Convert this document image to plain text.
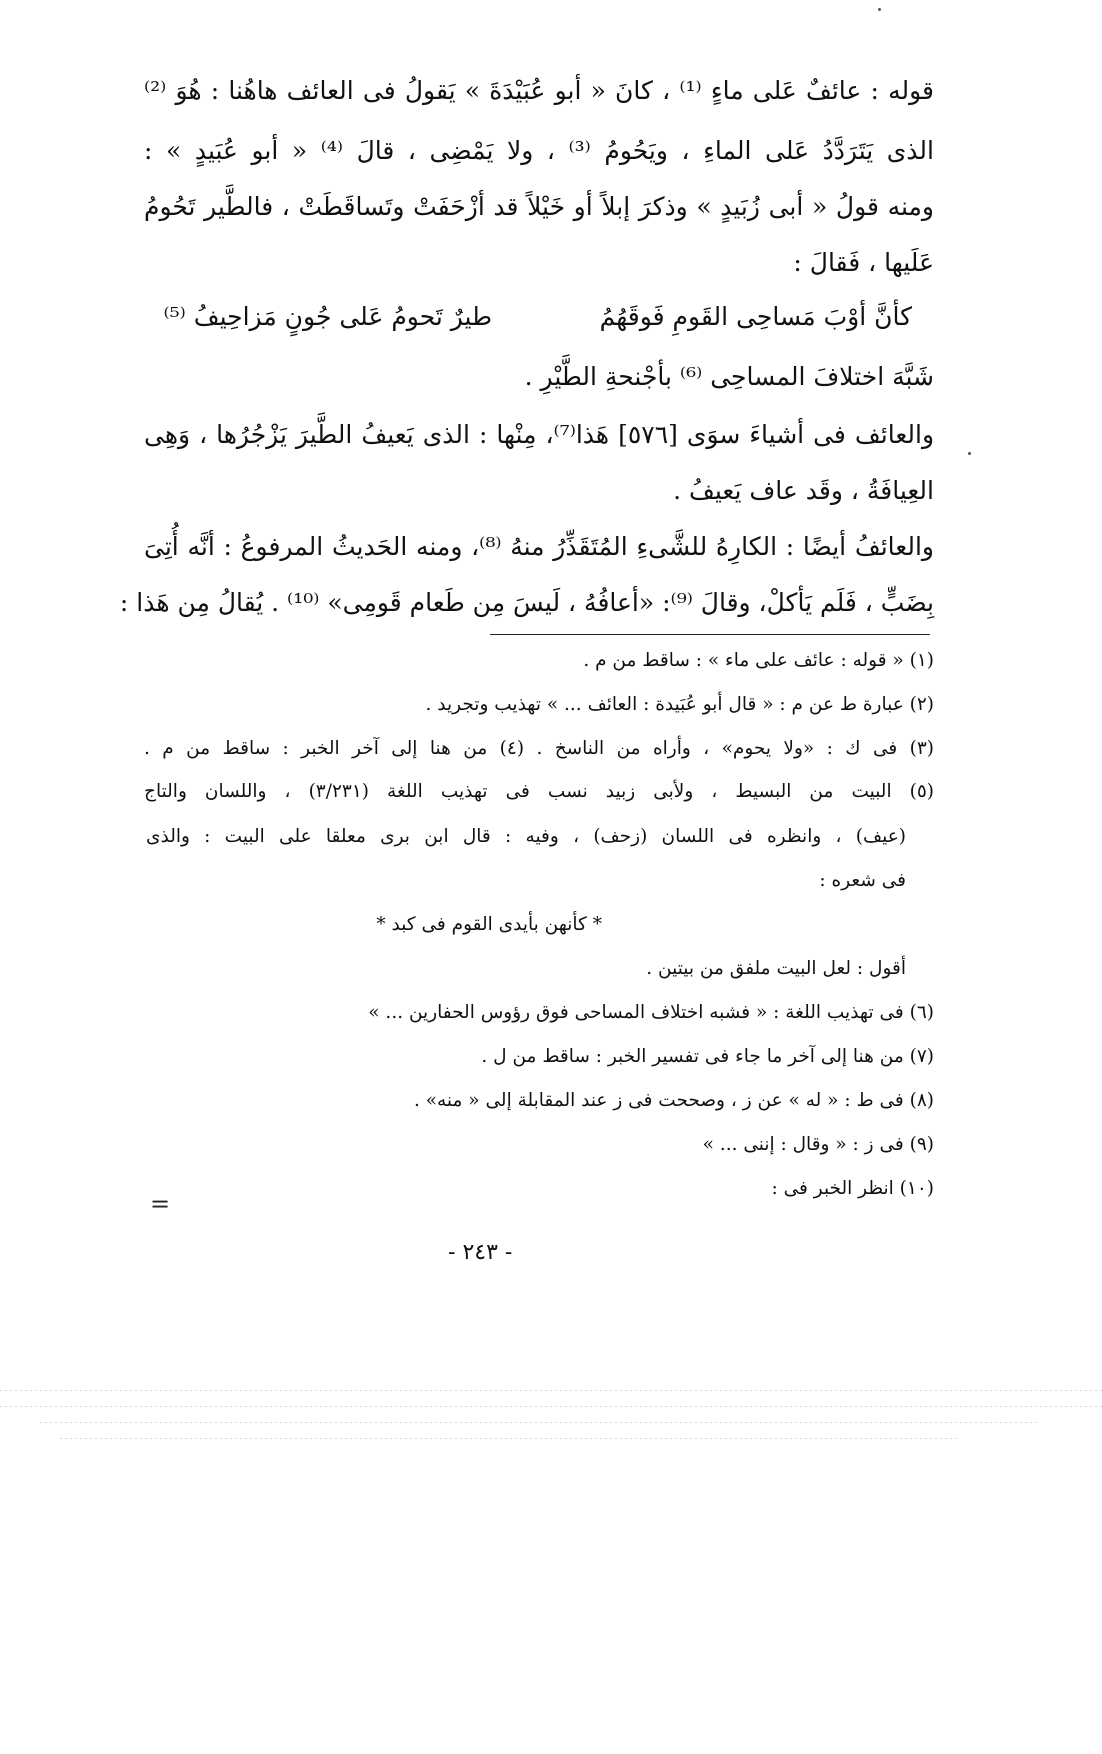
قوله : عائفٌ عَلى ماءٍ ⁽¹⁾ ، كانَ « أبو عُبَيْدَةَ » يَقولُ فى العائف هاهُنا : هُوَ ⁽²⁾
الذى يَتَرَدَّدُ عَلى الماءِ ، ويَحُومُ ⁽³⁾ ، ولا يَمْضِى ، قالَ ⁽⁴⁾ « أبو عُبَيدٍ » :
ومنه قولُ « أبى زُبَيدٍ » وذكرَ إبلاً أو خَيْلاً قد أزْحَفَتْ وتَساقَطَتْ ، فالطَّير تَحُومُ
عَلَيها ، فَقالَ :
كأنَّ أوْبَ مَساحِى القَومِ فَوقَهُمُ
طيرٌ تَحومُ عَلى جُونٍ مَزاحِيفُ ⁽⁵⁾
شَبَّهَ اختلافَ المساحِى ⁽⁶⁾ بأجْنحةِ الطَّيْرِ .
والعائف فى أشياءَ سوَى [٥٧٦] هَذا⁽⁷⁾، مِنْها : الذى يَعيفُ الطَّيرَ يَزْجُرُها ، وَهِى
العِيافَةُ ، وقَد عاف يَعيفُ .
والعائفُ أيضًا : الكارِهُ للشَّىءِ المُتَقَذِّرُ منهُ ⁽⁸⁾، ومنه الحَديثُ المرفوعُ : أنَّه أُتِىَ
بِضَبٍّ ، فَلَم يَأكلْ، وقالَ ⁽⁹⁾: «أعافُهُ ، لَيسَ مِن طَعام قَومِى» ⁽¹⁰⁾ . يُقالُ مِن هَذا :
(١) « قوله : عائف على ماء » : ساقط من م .
(٢) عبارة ط عن م : « قال أبو عُبَيدة : العائف ... » تهذيب وتجريد .
(٣) فى ك : «ولا يحوم» ، وأراه من الناسخ . (٤) من هنا إلى آخر الخبر : ساقط من م .
(٥) البيت من البسيط ، ولأبى زبيد نسب فى تهذيب اللغة (٣/٢٣١) ، واللسان والتاج
(عيف) ، وانظره فى اللسان (زحف) ، وفيه : قال ابن برى معلقا على البيت : والذى
فى شعره :
* كأنهن بأيدى القوم فى كبد *
أقول : لعل البيت ملفق من بيتين .
(٦) فى تهذيب اللغة : « فشبه اختلاف المساحى فوق رؤوس الحفارين ... »
(٧) من هنا إلى آخر ما جاء فى تفسير الخبر : ساقط من ل .
(٨) فى ط : « له » عن ز ، وصححت فى ز عند المقابلة إلى « منه» .
(٩) فى ز : « وقال : إننى ... »
(١٠) انظر الخبر فى :
=
- ٢٤٣ -
